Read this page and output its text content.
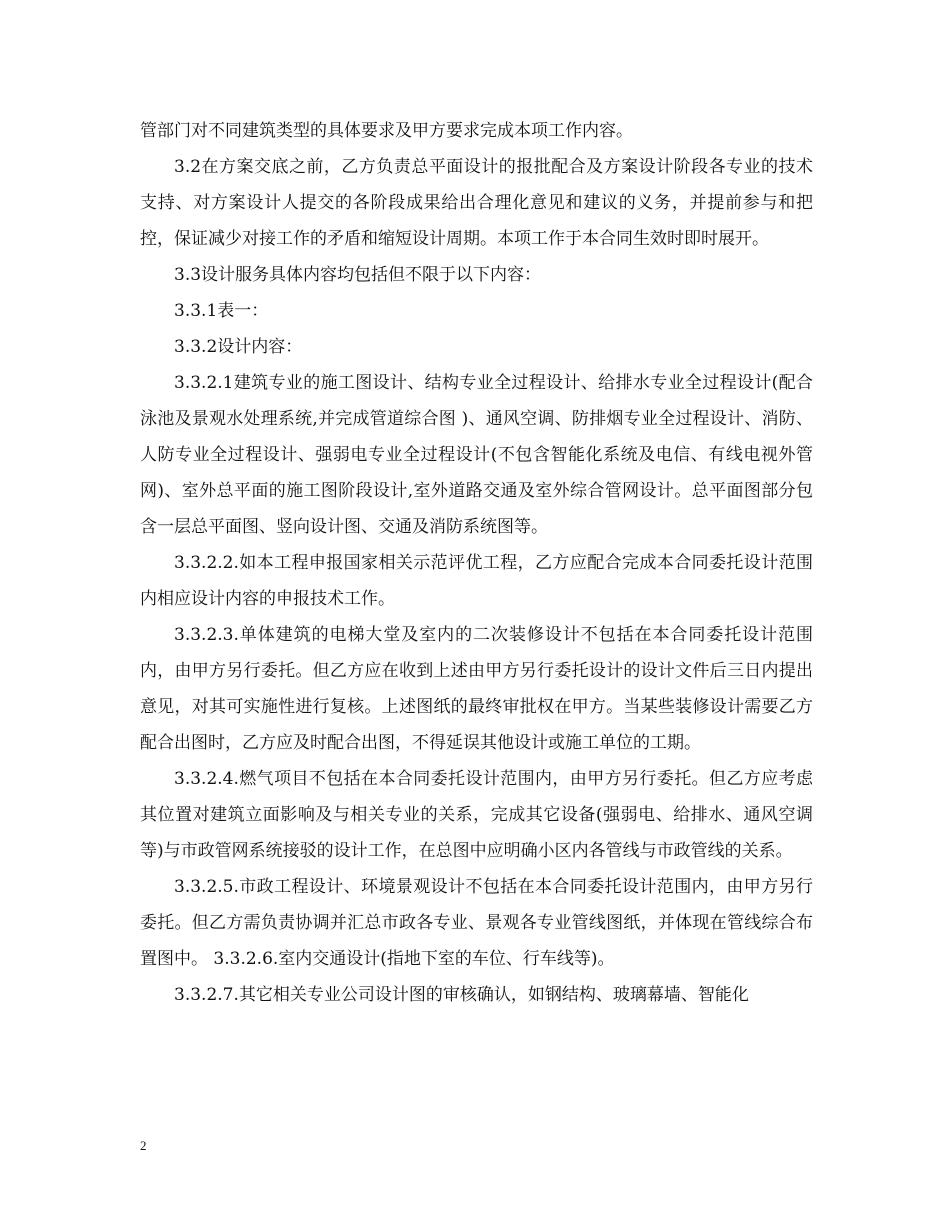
管部门对不同建筑类型的具体要求及甲方要求完成本项工作内容。

3.2在方案交底之前，乙方负责总平面设计的报批配合及方案设计阶段各专业的技术支持、对方案设计人提交的各阶段成果给出合理化意见和建议的义务，并提前参与和把控，保证减少对接工作的矛盾和缩短设计周期。本项工作于本合同生效时即时展开。

3.3设计服务具体内容均包括但不限于以下内容：

3.3.1表一：

3.3.2设计内容：

3.3.2.1建筑专业的施工图设计、结构专业全过程设计、给排水专业全过程设计(配合泳池及景观水处理系统,并完成管道综合图 )、通风空调、防排烟专业全过程设计、消防、人防专业全过程设计、强弱电专业全过程设计(不包含智能化系统及电信、有线电视外管网)、室外总平面的施工图阶段设计,室外道路交通及室外综合管网设计。总平面图部分包含一层总平面图、竖向设计图、交通及消防系统图等。

3.3.2.2.如本工程申报国家相关示范评优工程，乙方应配合完成本合同委托设计范围内相应设计内容的申报技术工作。

3.3.2.3.单体建筑的电梯大堂及室内的二次装修设计不包括在本合同委托设计范围内，由甲方另行委托。但乙方应在收到上述由甲方另行委托设计的设计文件后三日内提出意见，对其可实施性进行复核。上述图纸的最终审批权在甲方。当某些装修设计需要乙方配合出图时，乙方应及时配合出图，不得延误其他设计或施工单位的工期。

3.3.2.4.燃气项目不包括在本合同委托设计范围内，由甲方另行委托。但乙方应考虑其位置对建筑立面影响及与相关专业的关系，完成其它设备(强弱电、给排水、通风空调等)与市政管网系统接驳的设计工作，在总图中应明确小区内各管线与市政管线的关系。

3.3.2.5.市政工程设计、环境景观设计不包括在本合同委托设计范围内，由甲方另行委托。但乙方需负责协调并汇总市政各专业、景观各专业管线图纸，并体现在管线综合布置图中。 3.3.2.6.室内交通设计(指地下室的车位、行车线等)。

3.3.2.7.其它相关专业公司设计图的审核确认，如钢结构、玻璃幕墙、智能化

2
